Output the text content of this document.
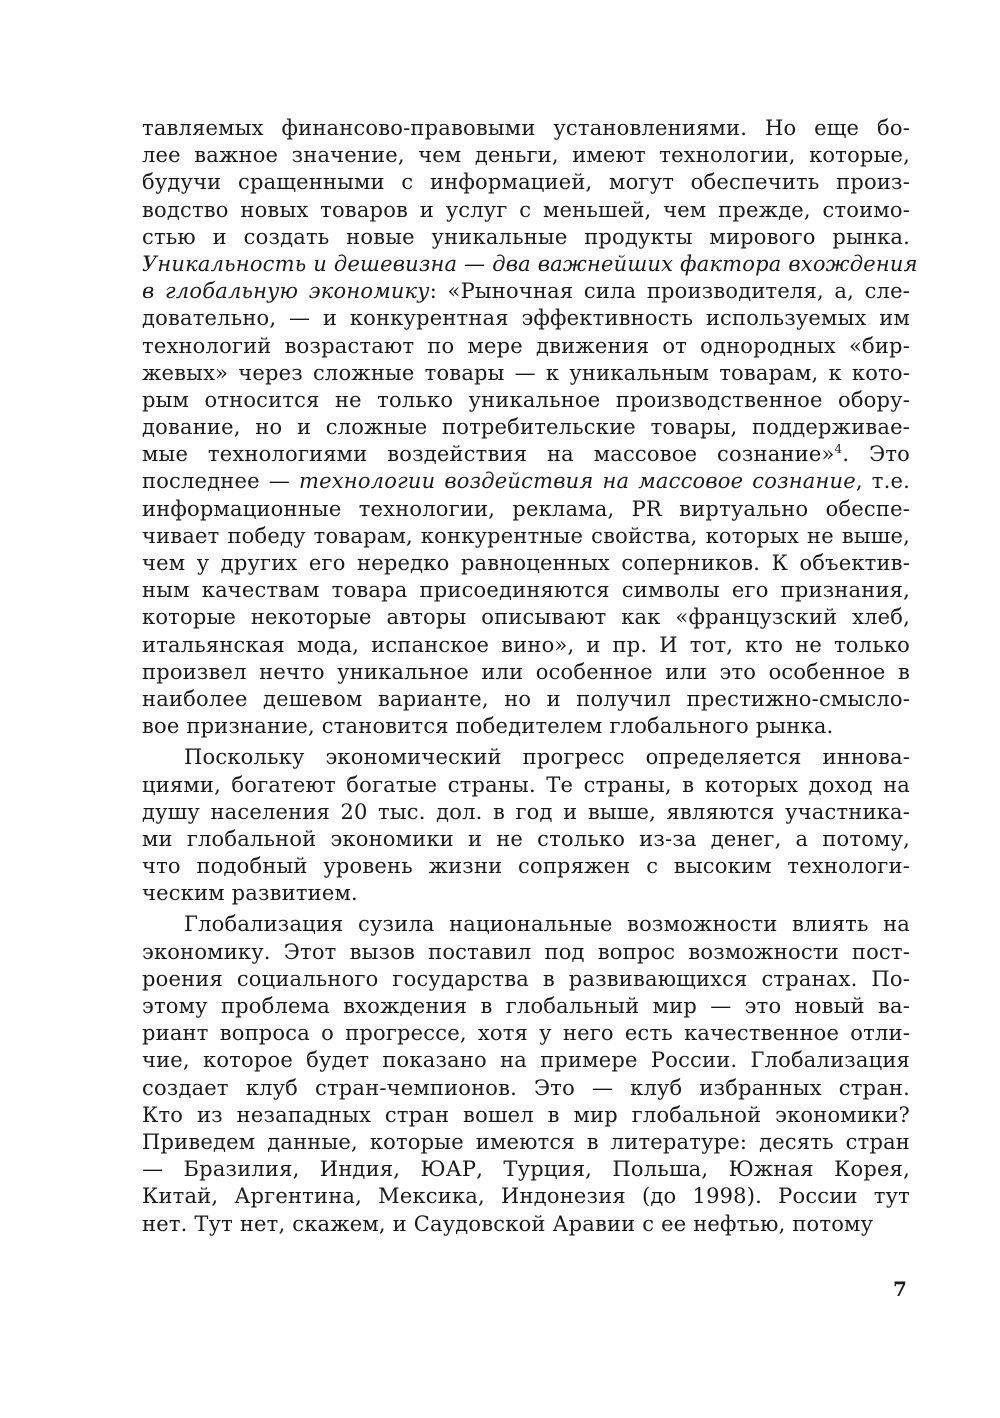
тавляемых финансово-правовыми установлениями. Но еще бо-
лее важное значение, чем деньги, имеют технологии, которые,
будучи сращенными с информацией, могут обеспечить произ-
водство новых товаров и услуг с меньшей, чем прежде, стоимо-
стью и создать новые уникальные продукты мирового рынка.
Уникальность и дешевизна — два важнейших фактора вхождения
в глобальную экономику: «Рыночная сила производителя, а, сле-
довательно, — и конкурентная эффективность используемых им
технологий возрастают по мере движения от однородных «бир-
жевых» через сложные товары — к уникальным товарам, к кото-
рым относится не только уникальное производственное обору-
дование, но и сложные потребительские товары, поддерживае-
мые технологиями воздействия на массовое сознание»$^4$. Это
последнее — технологии воздействия на массовое сознание, т.е.
информационные технологии, реклама, PR виртуально обеспе-
чивает победу товарам, конкурентные свойства, которых не выше,
чем у других его нередко равноценных соперников. К объектив-
ным качествам товара присоединяются символы его признания,
которые некоторые авторы описывают как «французский хлеб,
итальянская мода, испанское вино», и пр. И тот, кто не только
произвел нечто уникальное или особенное или это особенное в
наиболее дешевом варианте, но и получил престижно-смысло-
вое признание, становится победителем глобального рынка.
Поскольку экономический прогресс определяется иннова-
циями, богатеют богатые страны. Те страны, в которых доход на
душу населения 20 тыс. дол. в год и выше, являются участника-
ми глобальной экономики и не столько из-за денег, а потому,
что подобный уровень жизни сопряжен с высоким технологи-
ческим развитием.
Глобализация сузила национальные возможности влиять на
экономику. Этот вызов поставил под вопрос возможности пост-
роения социального государства в развивающихся странах. По-
этому проблема вхождения в глобальный мир — это новый ва-
риант вопроса о прогрессе, хотя у него есть качественное отли-
чие, которое будет показано на примере России. Глобализация
создает клуб стран-чемпионов. Это — клуб избранных стран.
Кто из незападных стран вошел в мир глобальной экономики?
Приведем данные, которые имеются в литературе: десять стран
— Бразилия, Индия, ЮАР, Турция, Польша, Южная Корея,
Китай, Аргентина, Мексика, Индонезия (до 1998). России тут
нет. Тут нет, скажем, и Саудовской Аравии с ее нефтью, потому
7
